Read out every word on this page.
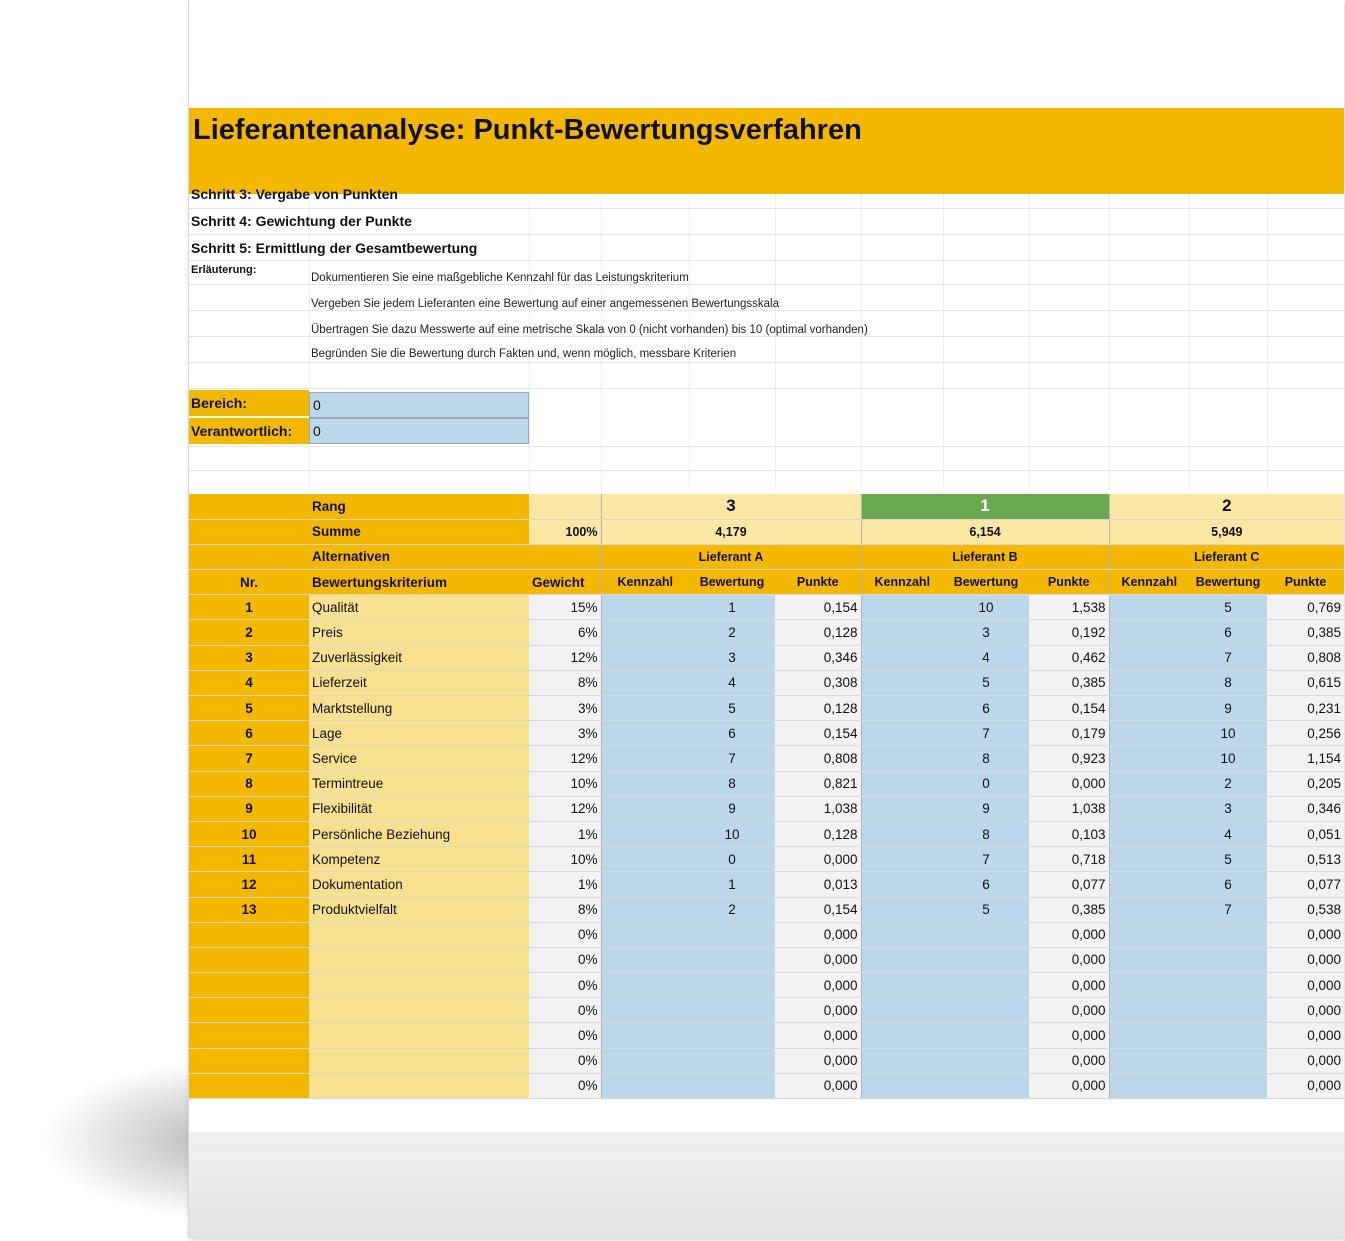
Lieferantenanalyse: Punkt-Bewertungsverfahren
Schritt 3: Vergabe von Punkten
Schritt 4: Gewichtung der Punkte
Schritt 5: Ermittlung der Gesamtbewertung
Erläuterung:
Dokumentieren Sie eine maßgebliche Kennzahl für das Leistungskriterium
Vergeben Sie jedem Lieferanten eine Bewertung auf einer angemessenen Bewertungsskala
Übertragen Sie dazu Messwerte auf eine metrische Skala von 0 (nicht vorhanden) bis 10 (optimal vorhanden)
Begründen Sie die Bewertung durch Fakten und, wenn möglich, messbare Kriterien
Bereich:	0
Verantwortlich:	0
	Rang		3			1			2		
	Summe	100%	4,179			6,154			5,949		
	Alternativen		Lieferant A			Lieferant B			Lieferant C		
Nr.	Bewertungskriterium	Gewicht	Kennzahl	Bewertung	Punkte	Kennzahl	Bewertung	Punkte	Kennzahl	Bewertung	Punkte
1	Qualität	15%		1	0,154		10	1,538		5	0,769
2	Preis	6%		2	0,128		3	0,192		6	0,385
3	Zuverlässigkeit	12%		3	0,346		4	0,462		7	0,808
4	Lieferzeit	8%		4	0,308		5	0,385		8	0,615
5	Marktstellung	3%		5	0,128		6	0,154		9	0,231
6	Lage	3%		6	0,154		7	0,179		10	0,256
7	Service	12%		7	0,808		8	0,923		10	1,154
8	Termintreue	10%		8	0,821		0	0,000		2	0,205
9	Flexibilität	12%		9	1,038		9	1,038		3	0,346
10	Persönliche Beziehung	1%		10	0,128		8	0,103		4	0,051
11	Kompetenz	10%		0	0,000		7	0,718		5	0,513
12	Dokumentation	1%		1	0,013		6	0,077		6	0,077
13	Produktvielfalt	8%		2	0,154		5	0,385		7	0,538
		0%			0,000			0,000			0,000
		0%			0,000			0,000			0,000
		0%			0,000			0,000			0,000
		0%			0,000			0,000			0,000
		0%			0,000			0,000			0,000
		0%			0,000			0,000			0,000
		0%			0,000			0,000			0,000
